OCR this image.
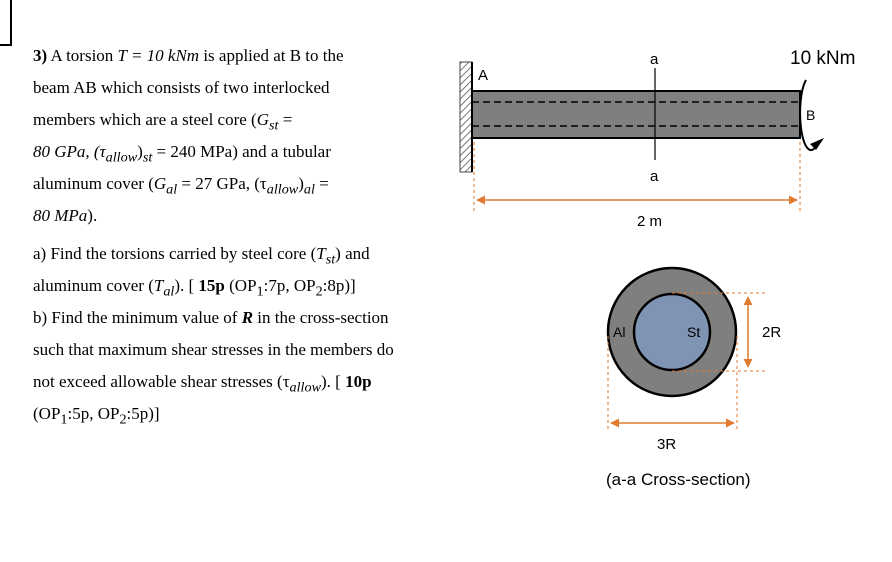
3) A torsion T = 10 kNm is applied at B to the
beam AB which consists of two interlocked
members which are a steel core ($G_{st}$ =
80 GPa, $(\tau_{allow})_{st} = 240$ MPa) and a tubular
aluminum cover ($G_{al} = 27$ GPa, $(\tau_{allow})_{al}$ =
80 MPa).
a) Find the torsions carried by steel core $(T_{st})$ and
aluminum cover $(T_{al})$. [ 15p ($OP_1:7p$, $OP_2:8p$)]
b) Find the minimum value of R in the cross-section
such that maximum shear stresses in the members do
not exceed allowable shear stresses $(\tau_{allow})$. [ 10p
($OP_1:5p$, $OP_2:5p$)]
A
B
a
a
10 kNm
2 m
Al	St	2R
3R
(a-a Cross-section)
